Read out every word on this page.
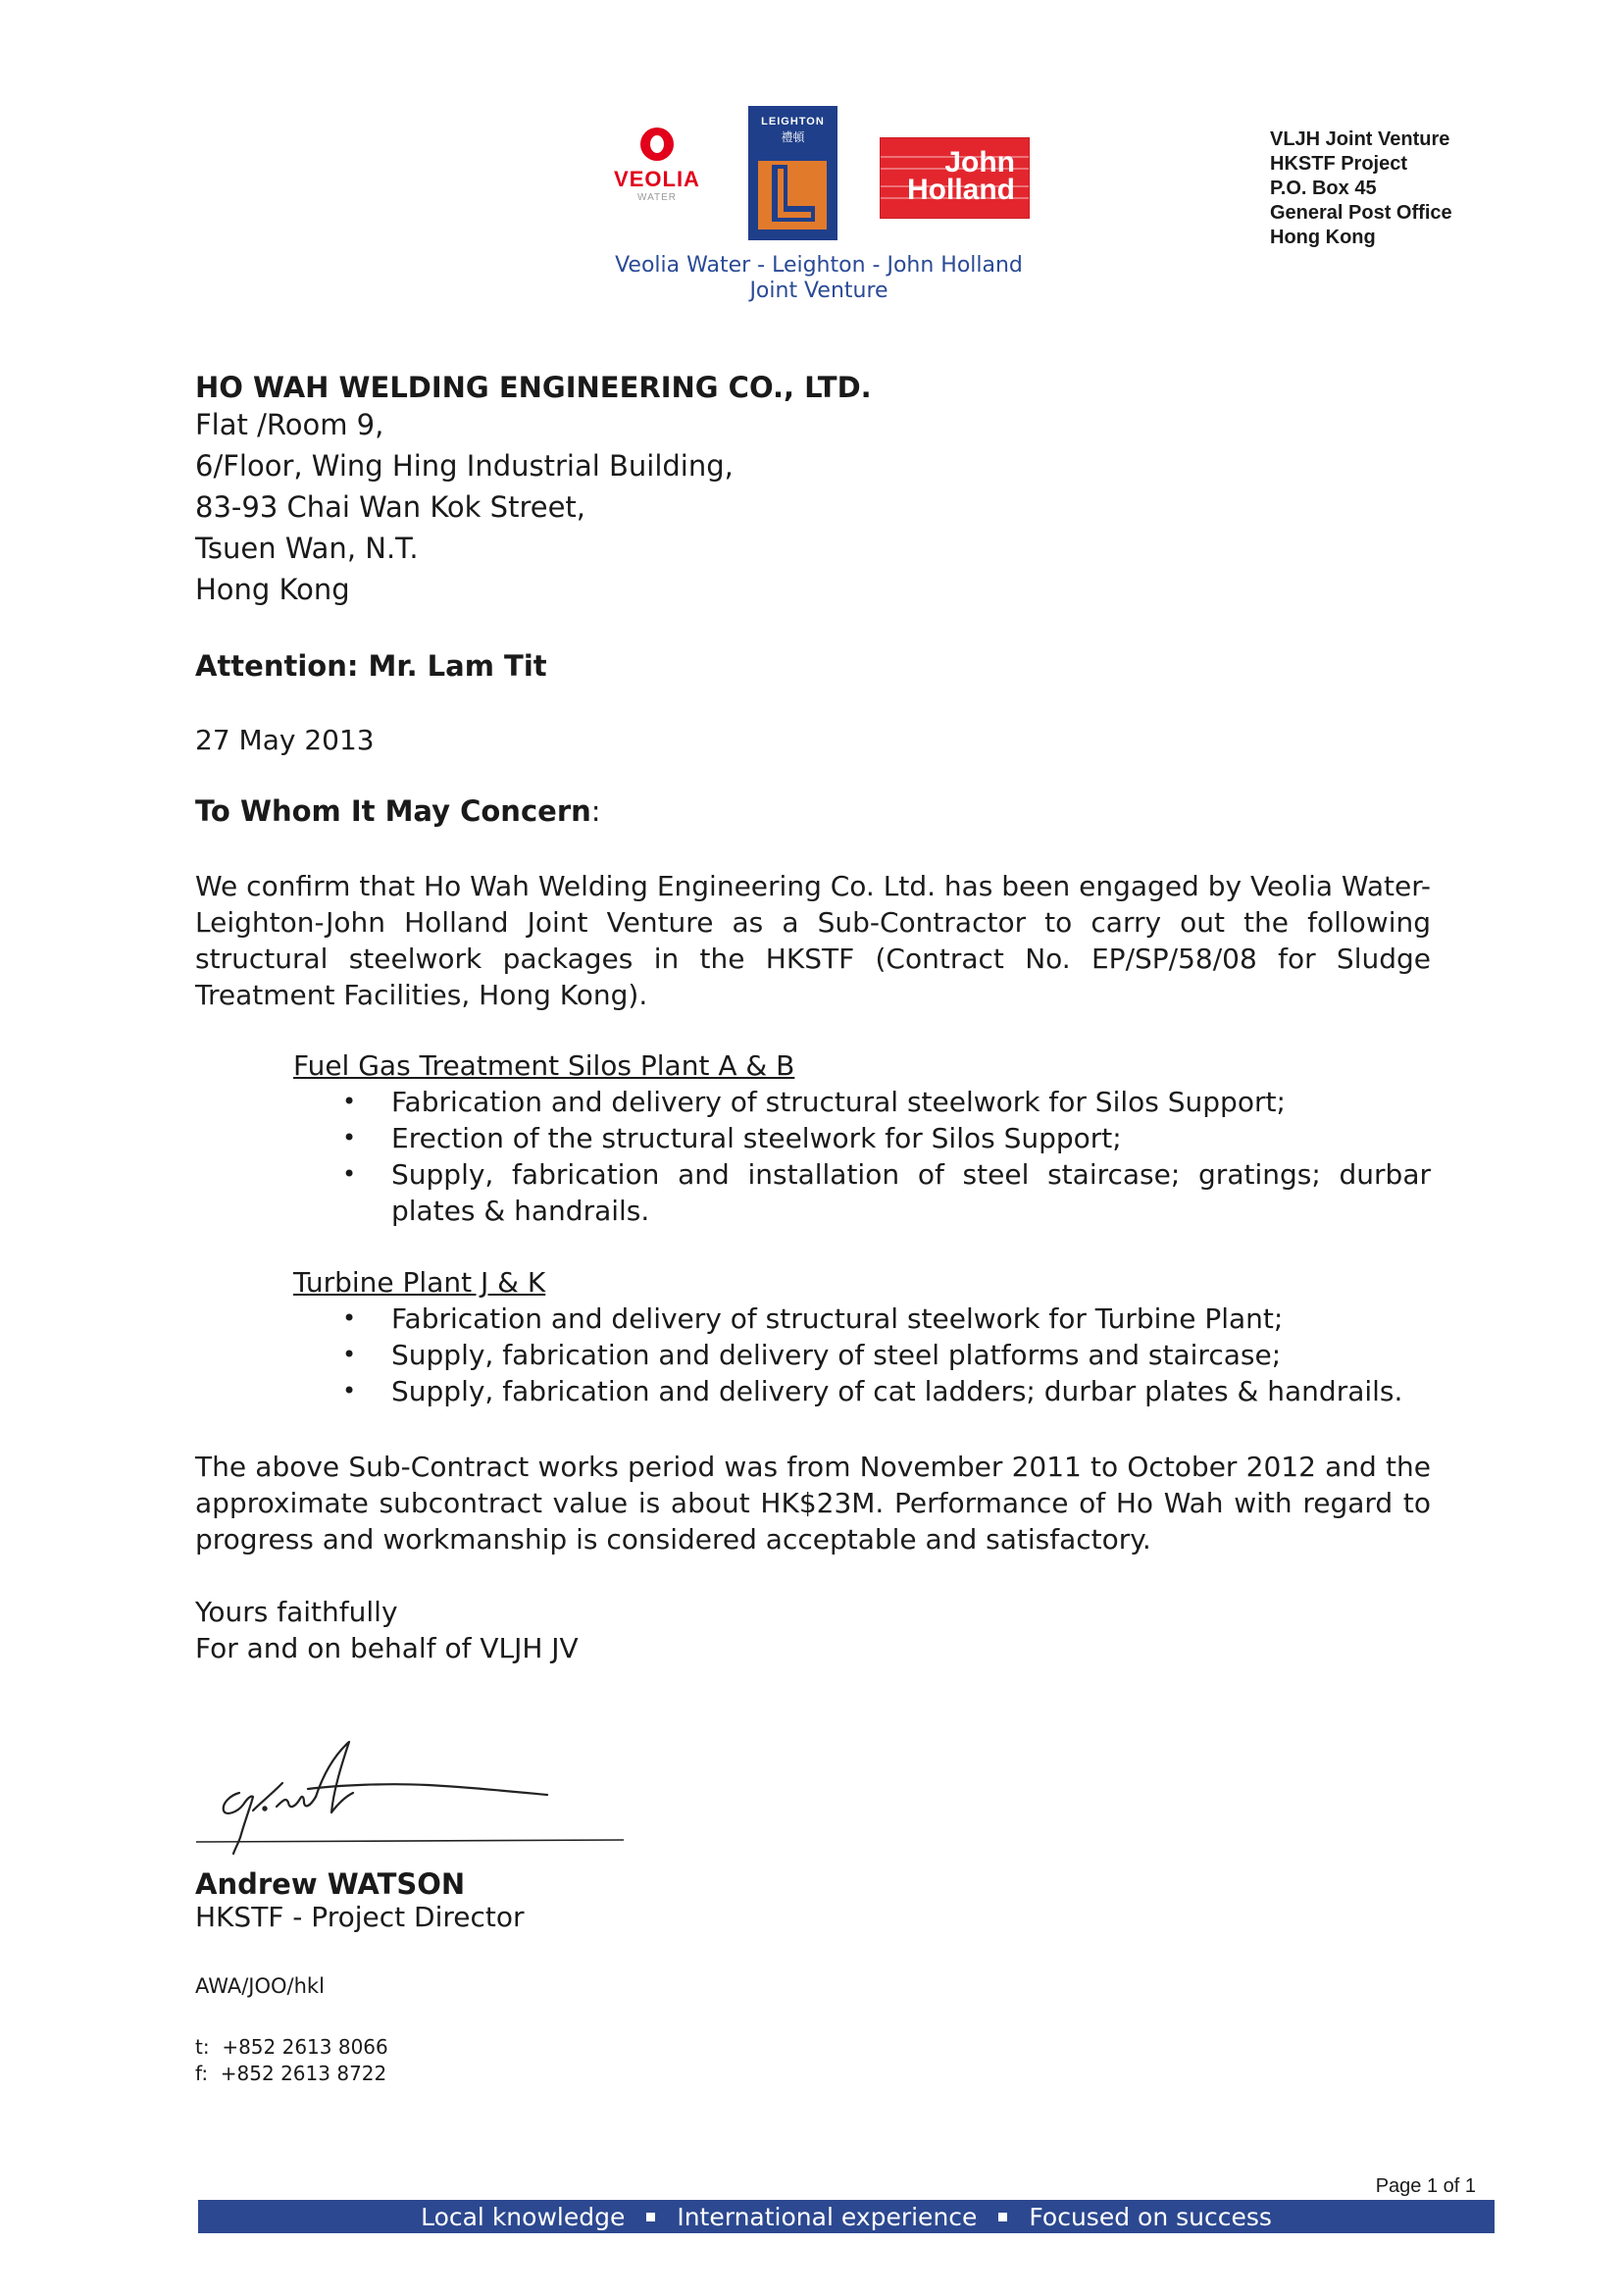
VEOLIA
WATER
LEIGHTON
禮頓
John
Holland
Veolia Water - Leighton - John Holland
Joint Venture
VLJH Joint Venture
HKSTF Project
P.O. Box 45
General Post Office
Hong Kong
HO WAH WELDING ENGINEERING CO., LTD.
Flat /Room 9,
6/Floor, Wing Hing Industrial Building,
83-93 Chai Wan Kok Street,
Tsuen Wan, N.T.
Hong Kong
Attention: Mr. Lam Tit
27 May 2013
To Whom It May Concern:
We confirm that Ho Wah Welding Engineering Co. Ltd. has been engaged by Veolia Water-Leighton-John Holland Joint Venture as a Sub-Contractor to carry out the following structural steelwork packages in the HKSTF (Contract No. EP/SP/58/08 for Sludge Treatment Facilities, Hong Kong).
Fuel Gas Treatment Silos Plant A & B
• Fabrication and delivery of structural steelwork for Silos Support;
• Erection of the structural steelwork for Silos Support;
• Supply, fabrication and installation of steel staircase; gratings; durbar plates & handrails.
Turbine Plant J & K
• Fabrication and delivery of structural steelwork for Turbine Plant;
• Supply, fabrication and delivery of steel platforms and staircase;
• Supply, fabrication and delivery of cat ladders; durbar plates & handrails.
The above Sub-Contract works period was from November 2011 to October 2012 and the approximate subcontract value is about HK$23M. Performance of Ho Wah with regard to progress and workmanship is considered acceptable and satisfactory.
Yours faithfully
For and on behalf of VLJH JV
Andrew WATSON
HKSTF - Project Director
AWA/JOO/hkl
t: +852 2613 8066
f: +852 2613 8722
Page 1 of 1
Local knowledge International experience Focused on success
